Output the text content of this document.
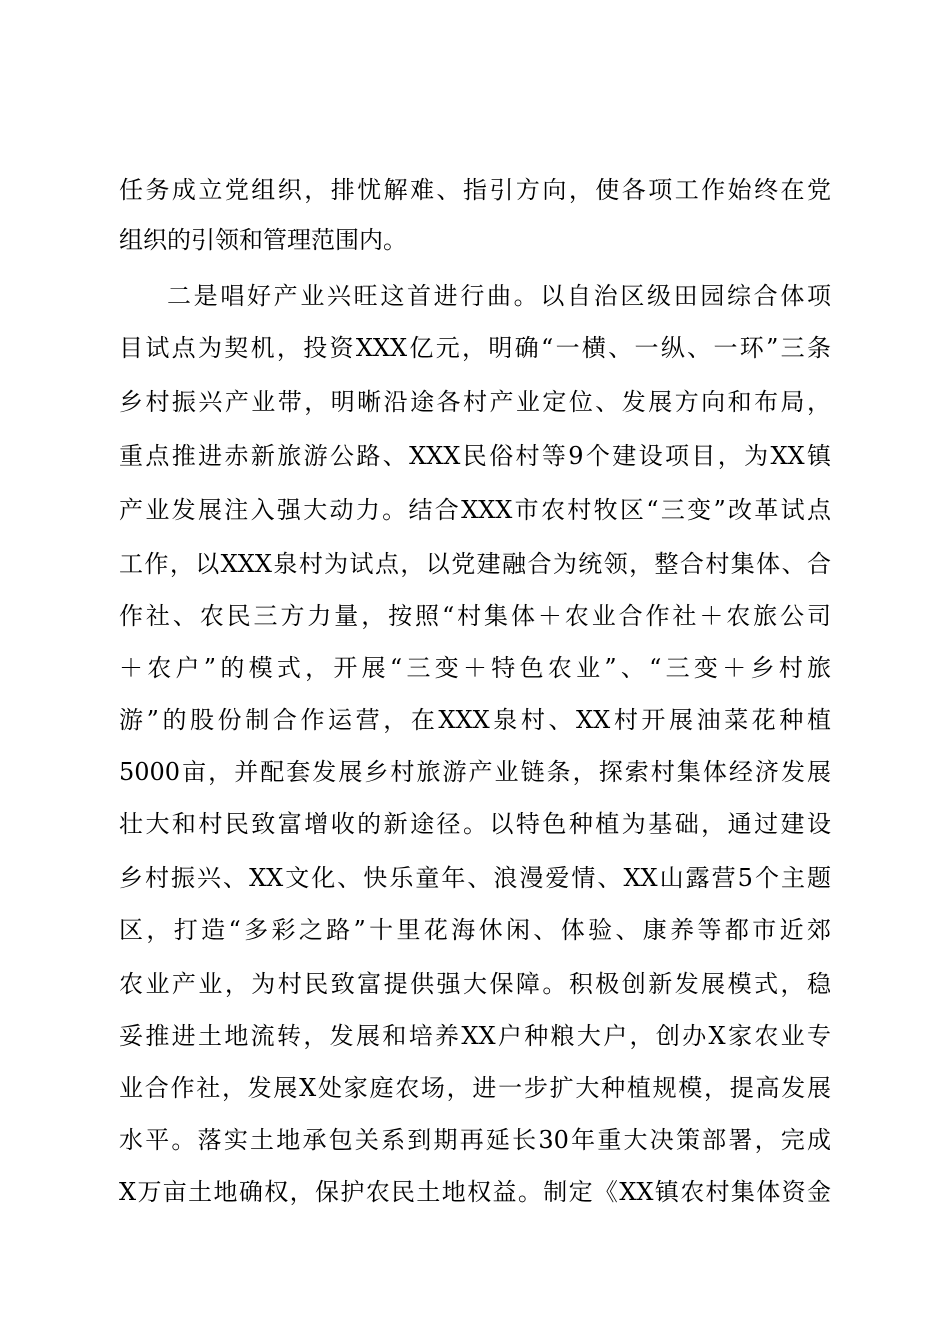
任务成立党组织，排忧解难、指引方向，使各项工作始终在党
组织的引领和管理范围内。
二是唱好产业兴旺这首进行曲。以自治区级田园综合体项
目试点为契机，投资XXX亿元，明确“一横、一纵、一环”三条
乡村振兴产业带，明晰沿途各村产业定位、发展方向和布局，
重点推进赤新旅游公路、XXX民俗村等9个建设项目，为XX镇
产业发展注入强大动力。结合XXX市农村牧区“三变”改革试点
工作，以XXX泉村为试点，以党建融合为统领，整合村集体、合
作社、农民三方力量，按照“村集体＋农业合作社＋农旅公司
＋农户”的模式，开展“三变＋特色农业”、“三变＋乡村旅
游”的股份制合作运营，在XXX泉村、XX村开展油菜花种植
5000亩，并配套发展乡村旅游产业链条，探索村集体经济发展
壮大和村民致富增收的新途径。以特色种植为基础，通过建设
乡村振兴、XX文化、快乐童年、浪漫爱情、XX山露营5个主题
区，打造“多彩之路”十里花海休闲、体验、康养等都市近郊
农业产业，为村民致富提供强大保障。积极创新发展模式，稳
妥推进土地流转，发展和培养XX户种粮大户，创办X家农业专
业合作社，发展X处家庭农场，进一步扩大种植规模，提高发展
水平。落实土地承包关系到期再延长30年重大决策部署，完成
X万亩土地确权，保护农民土地权益。制定《XX镇农村集体资金
